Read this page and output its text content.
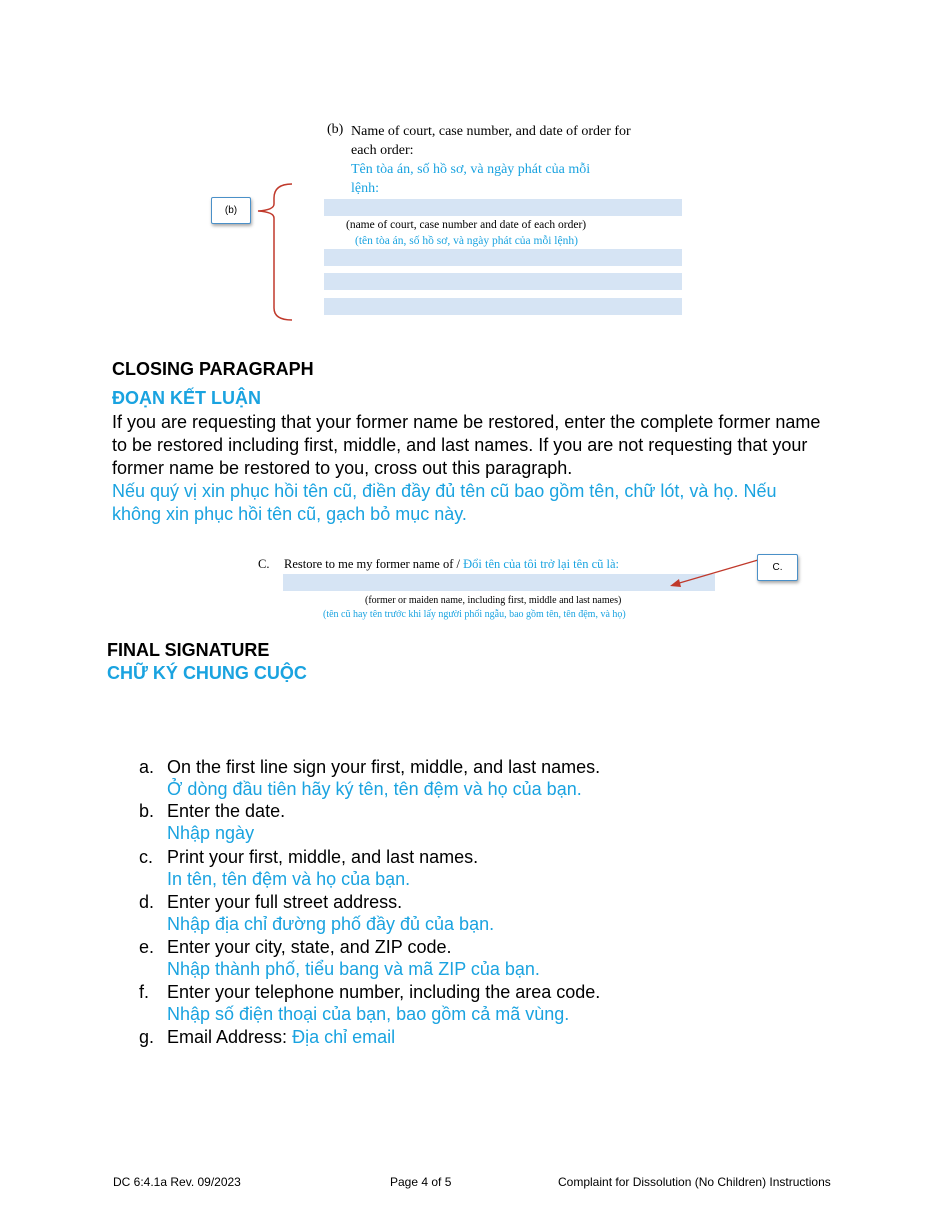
(b) Name of court, case number, and date of order for
each order:
Tên tòa án, số hồ sơ, và ngày phát của mỗi
lệnh:
(name of court, case number and date of each order)
(tên tòa án, số hồ sơ, và ngày phát của mỗi lệnh)
(b)
CLOSING PARAGRAPH
ĐOẠN KẾT LUẬN
If you are requesting that your former name be restored, enter the complete former name to be restored including first, middle, and last names. If you are not requesting that your former name be restored to you, cross out this paragraph.
Nếu quý vị xin phục hồi tên cũ, điền đầy đủ tên cũ bao gồm tên, chữ lót, và họ. Nếu không xin phục hồi tên cũ, gạch bỏ mục này.
C. Restore to me my former name of / Đổi tên của tôi trở lại tên cũ là:
(former or maiden name, including first, middle and last names)
(tên cũ hay tên trước khi lấy người phối ngẫu, bao gồm tên, tên đệm, và họ)
C.
FINAL SIGNATURE
CHỮ KÝ CHUNG CUỘC
a. On the first line sign your first, middle, and last names.
Ở dòng đầu tiên hãy ký tên, tên đệm và họ của bạn.
b. Enter the date.
Nhập ngày
c. Print your first, middle, and last names.
In tên, tên đệm và họ của bạn.
d. Enter your full street address.
Nhập địa chỉ đường phố đầy đủ của bạn.
e. Enter your city, state, and ZIP code.
Nhập thành phố, tiểu bang và mã ZIP của bạn.
f. Enter your telephone number, including the area code.
Nhập số điện thoại của bạn, bao gồm cả mã vùng.
g. Email Address: Địa chỉ email
DC 6:4.1a Rev. 09/2023	Page 4 of 5	Complaint for Dissolution (No Children) Instructions
